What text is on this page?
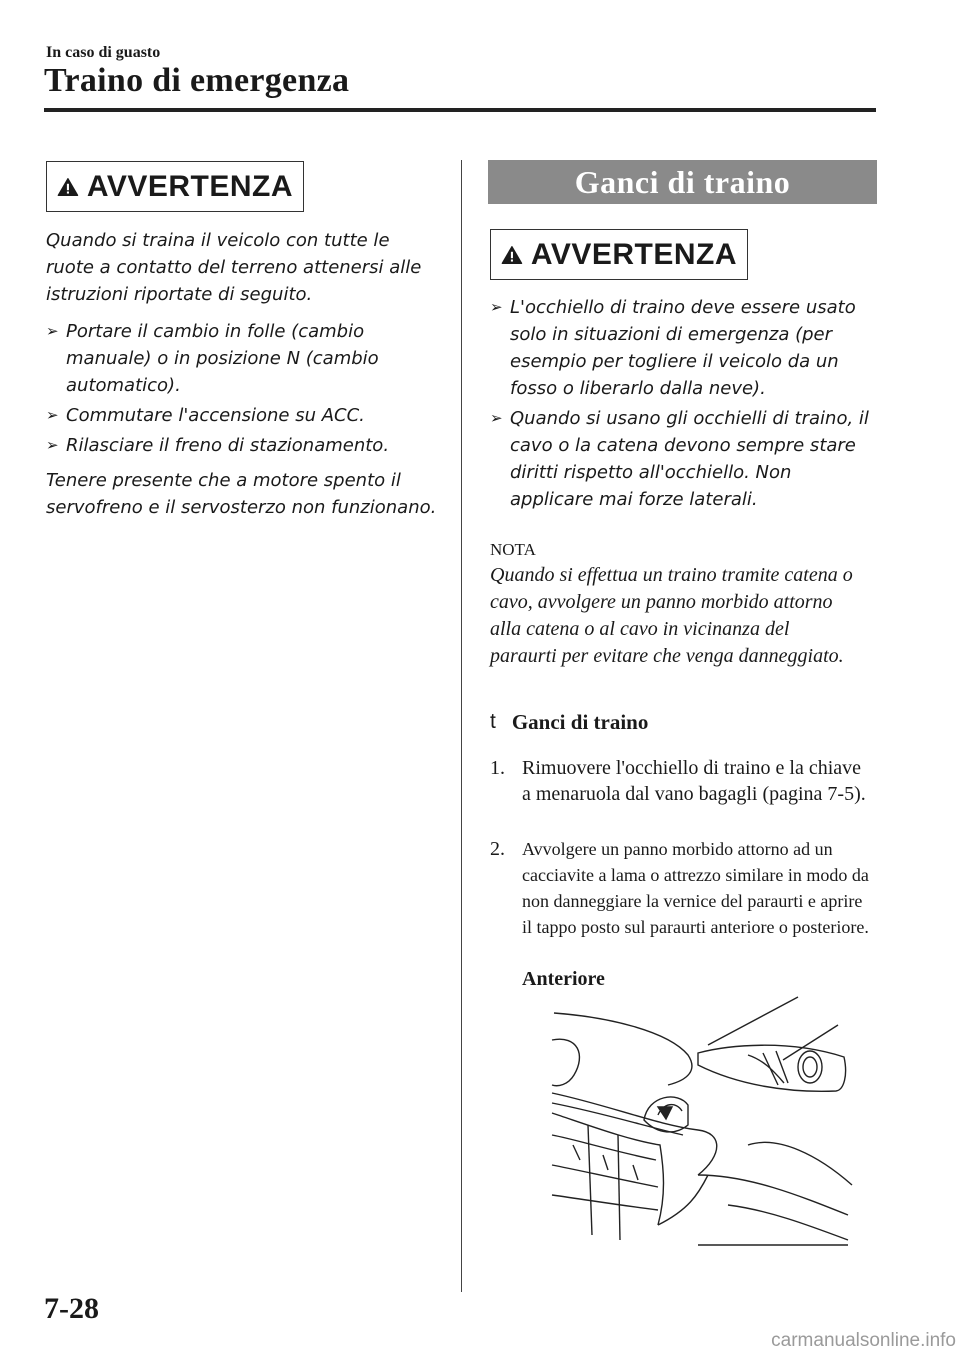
In caso di guasto
Traino di emergenza
AVVERTENZA
Quando si traina il veicolo con tutte le ruote a contatto del terreno attenersi alle istruzioni riportate di seguito.
➢ Portare il cambio in folle (cambio manuale) o in posizione N (cambio automatico).
➢ Commutare l'accensione su ACC.
➢ Rilasciare il freno di stazionamento.
Tenere presente che a motore spento il servofreno e il servosterzo non funzionano.
Ganci di traino
AVVERTENZA
➢ L'occhiello di traino deve essere usato solo in situazioni di emergenza (per esempio per togliere il veicolo da un fosso o liberarlo dalla neve).
➢ Quando si usano gli occhielli di traino, il cavo o la catena devono sempre stare diritti rispetto all'occhiello. Non applicare mai forze laterali.
NOTA
Quando si effettua un traino tramite catena o cavo, avvolgere un panno morbido attorno alla catena o al cavo in vicinanza del paraurti per evitare che venga danneggiato.
t Ganci di traino
1. Rimuovere l'occhiello di traino e la chiave a menaruola dal vano bagagli (pagina 7-5).
2. Avvolgere un panno morbido attorno ad un cacciavite a lama o attrezzo similare in modo da non danneggiare la vernice del paraurti e aprire il tappo posto sul paraurti anteriore o posteriore.
Anteriore
7-28
carmanualsonline.info
